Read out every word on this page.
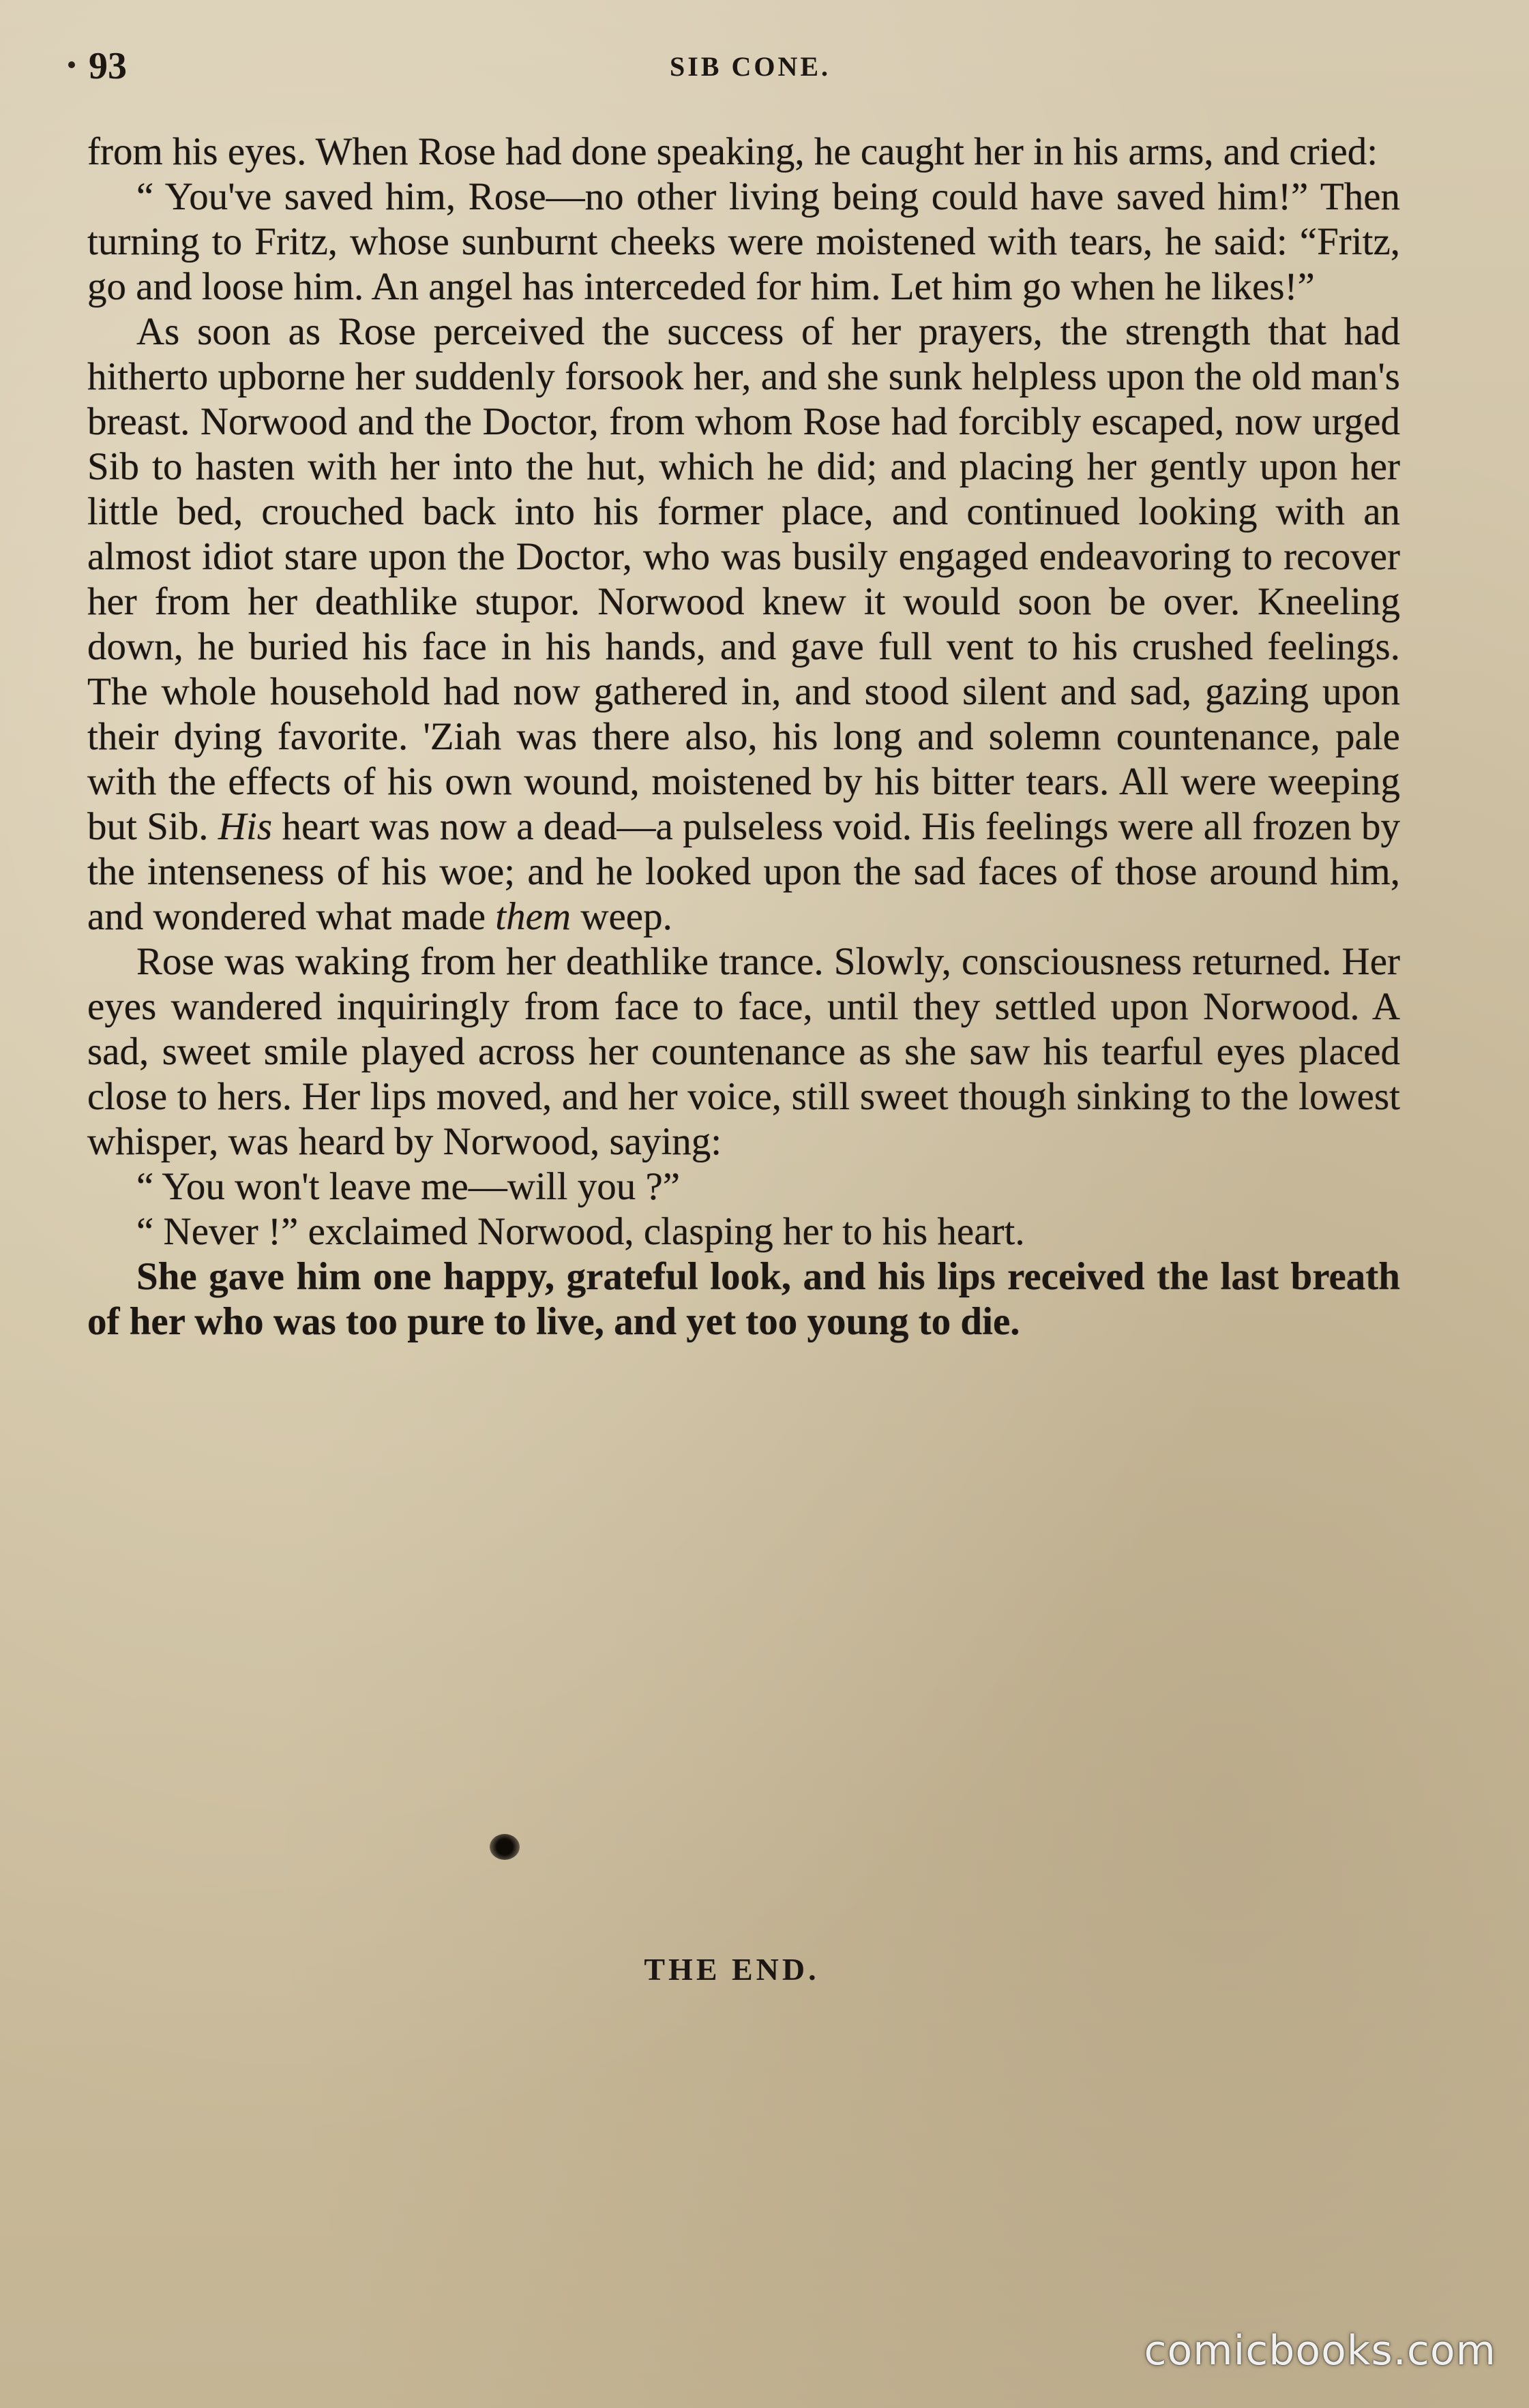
93	SIB CONE.

from his eyes. When Rose had done speaking, he caught her in his arms, and cried:

“ You've saved him, Rose—no other living being could have saved him!” Then turning to Fritz, whose sunburnt cheeks were moistened with tears, he said: “Fritz, go and loose him. An angel has interceded for him. Let him go when he likes!”

As soon as Rose perceived the success of her prayers, the strength that had hitherto upborne her suddenly forsook her, and she sunk helpless upon the old man's breast. Norwood and the Doctor, from whom Rose had forcibly escaped, now urged Sib to hasten with her into the hut, which he did; and placing her gently upon her little bed, crouched back into his former place, and continued looking with an almost idiot stare upon the Doctor, who was busily engaged endeavoring to recover her from her deathlike stupor. Norwood knew it would soon be over. Kneeling down, he buried his face in his hands, and gave full vent to his crushed feelings. The whole household had now gathered in, and stood silent and sad, gazing upon their dying favorite. 'Ziah was there also, his long and solemn countenance, pale with the effects of his own wound, moistened by his bitter tears. All were weeping but Sib. His heart was now a dead—a pulseless void. His feelings were all frozen by the intenseness of his woe; and he looked upon the sad faces of those around him, and wondered what made them weep.

Rose was waking from her deathlike trance. Slowly, consciousness returned. Her eyes wandered inquiringly from face to face, until they settled upon Norwood. A sad, sweet smile played across her countenance as she saw his tearful eyes placed close to hers. Her lips moved, and her voice, still sweet though sinking to the lowest whisper, was heard by Norwood, saying:

“ You won't leave me—will you ?”

“ Never !” exclaimed Norwood, clasping her to his heart.

She gave him one happy, grateful look, and his lips received the last breath of her who was too pure to live, and yet too young to die.

THE END.
comicbooks.com
